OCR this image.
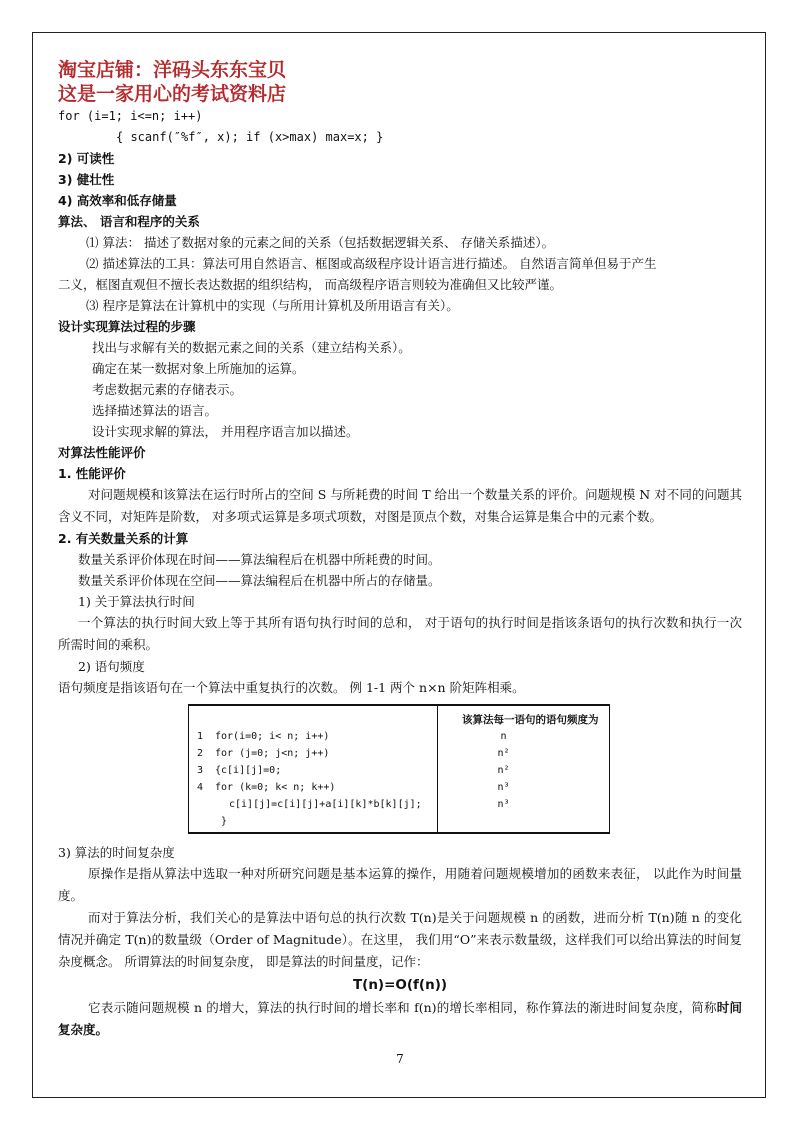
淘宝店铺：洋码头东东宝贝
这是一家用心的考试资料店
for (i=1; i<=n; i++)
{ scanf(″%f″, x); if (x>max) max=x; }
2) 可读性
3) 健壮性
4) 高效率和低存储量
算法、 语言和程序的关系
⑴ 算法： 描述了数据对象的元素之间的关系（包括数据逻辑关系、 存储关系描述）。
⑵ 描述算法的工具：算法可用自然语言、框图或高级程序设计语言进行描述。 自然语言简单但易于产生
二义，框图直观但不擅长表达数据的组织结构， 而高级程序语言则较为准确但又比较严谨。
⑶ 程序是算法在计算机中的实现（与所用计算机及所用语言有关）。
设计实现算法过程的步骤
找出与求解有关的数据元素之间的关系（建立结构关系）。
确定在某一数据对象上所施加的运算。
考虑数据元素的存储表示。
选择描述算法的语言。
设计实现求解的算法， 并用程序语言加以描述。
对算法性能评价
1. 性能评价
对问题规模和该算法在运行时所占的空间 S 与所耗费的时间 T 给出一个数量关系的评价。问题规模 N 对不同的问题其含义不同，对矩阵是阶数， 对多项式运算是多项式项数，对图是顶点个数，对集合运算是集合中的元素个数。
2. 有关数量关系的计算
数量关系评价体现在时间——算法编程后在机器中所耗费的时间。
数量关系评价体现在空间——算法编程后在机器中所占的存储量。
1) 关于算法执行时间
一个算法的执行时间大致上等于其所有语句执行时间的总和， 对于语句的执行时间是指该条语句的执行次数和执行一次所需时间的乘积。
2) 语句频度
语句频度是指该语句在一个算法中重复执行的次数。 例 1-1 两个 n×n 阶矩阵相乘。
1 for(i=0; i< n; i++)
2 for (j=0; j<n; j++)
3 {c[i][j]=0;
4 for (k=0; k< n; k++)
c[i][j]=c[i][j]+a[i][k]*b[k][j];
}
该算法每一语句的语句频度为
n
n²
n²
n³
n³
3) 算法的时间复杂度
原操作是指从算法中选取一种对所研究问题是基本运算的操作，用随着问题规模增加的函数来表征， 以此作为时间量度。
而对于算法分析，我们关心的是算法中语句总的执行次数 T(n)是关于问题规模 n 的函数，进而分析 T(n)随 n 的变化情况并确定 T(n)的数量级（Order of Magnitude）。在这里， 我们用“O”来表示数量级，这样我们可以给出算法的时间复杂度概念。 所谓算法的时间复杂度， 即是算法的时间量度，记作：
T(n)=O(f(n))
它表示随问题规模 n 的增大，算法的执行时间的增长率和 f(n)的增长率相同，称作算法的渐进时间复杂度，简称时间复杂度。
7
